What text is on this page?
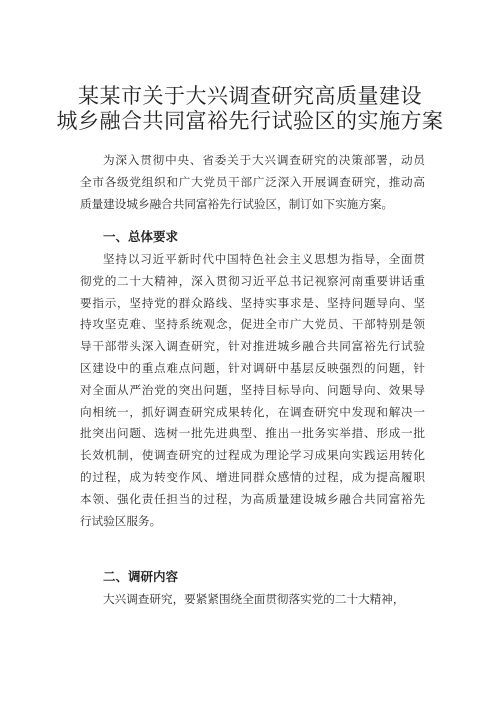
某某市关于大兴调查研究高质量建设
城乡融合共同富裕先行试验区的实施方案
为深入贯彻中央、省委关于大兴调查研究的决策部署，动员
全市各级党组织和广大党员干部广泛深入开展调查研究，推动高
质量建设城乡融合共同富裕先行试验区，制订如下实施方案。
一、总体要求
坚持以习近平新时代中国特色社会主义思想为指导，全面贯
彻党的二十大精神，深入贯彻习近平总书记视察河南重要讲话重
要指示，坚持党的群众路线、坚持实事求是、坚持问题导向、坚
持攻坚克难、坚持系统观念，促进全市广大党员、干部特别是领
导干部带头深入调查研究，针对推进城乡融合共同富裕先行试验
区建设中的重点难点问题，针对调研中基层反映强烈的问题，针
对全面从严治党的突出问题，坚持目标导向、问题导向、效果导
向相统一，抓好调查研究成果转化，在调查研究中发现和解决一
批突出问题、选树一批先进典型、推出一批务实举措、形成一批
长效机制，使调查研究的过程成为理论学习成果向实践运用转化
的过程，成为转变作风、增进同群众感情的过程，成为提高履职
本领、强化责任担当的过程，为高质量建设城乡融合共同富裕先
行试验区服务。
二、调研内容
大兴调查研究，要紧紧围绕全面贯彻落实党的二十大精神，
